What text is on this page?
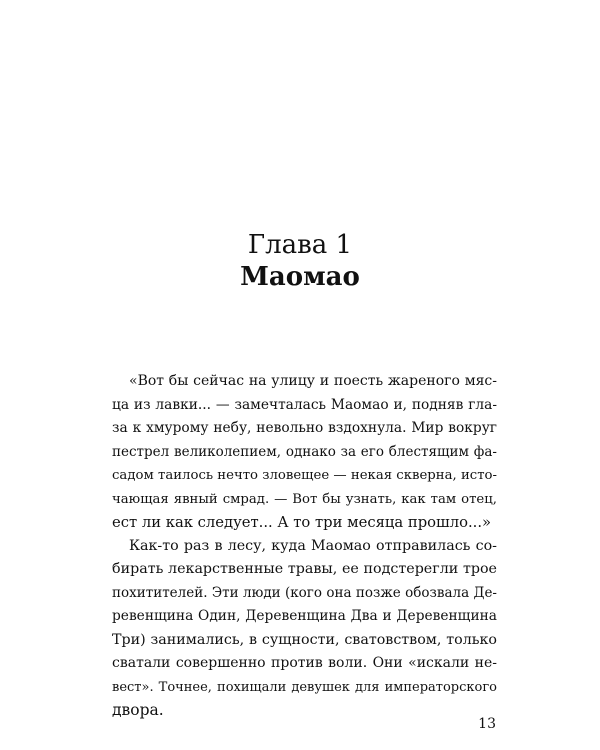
Глава 1
Маомао
«Вот бы сейчас на улицу и поесть жареного мяс-
ца из лавки... — замечталась Маомао и, подняв гла-
за к хмурому небу, невольно вздохнула. Мир вокруг
пестрел великолепием, однако за его блестящим фа-
садом таилось нечто зловещее — некая скверна, исто-
чающая явный смрад. — Вот бы узнать, как там отец,
ест ли как следует... А то три месяца прошло...»
Как-то раз в лесу, куда Маомао отправилась со-
бирать лекарственные травы, ее подстерегли трое
похитителей. Эти люди (кого она позже обозвала Де-
ревенщина Один, Деревенщина Два и Деревенщина
Три) занимались, в сущности, сватовством, только
сватали совершенно против воли. Они «искали не-
вест». Точнее, похищали девушек для императорского
двора.
13
